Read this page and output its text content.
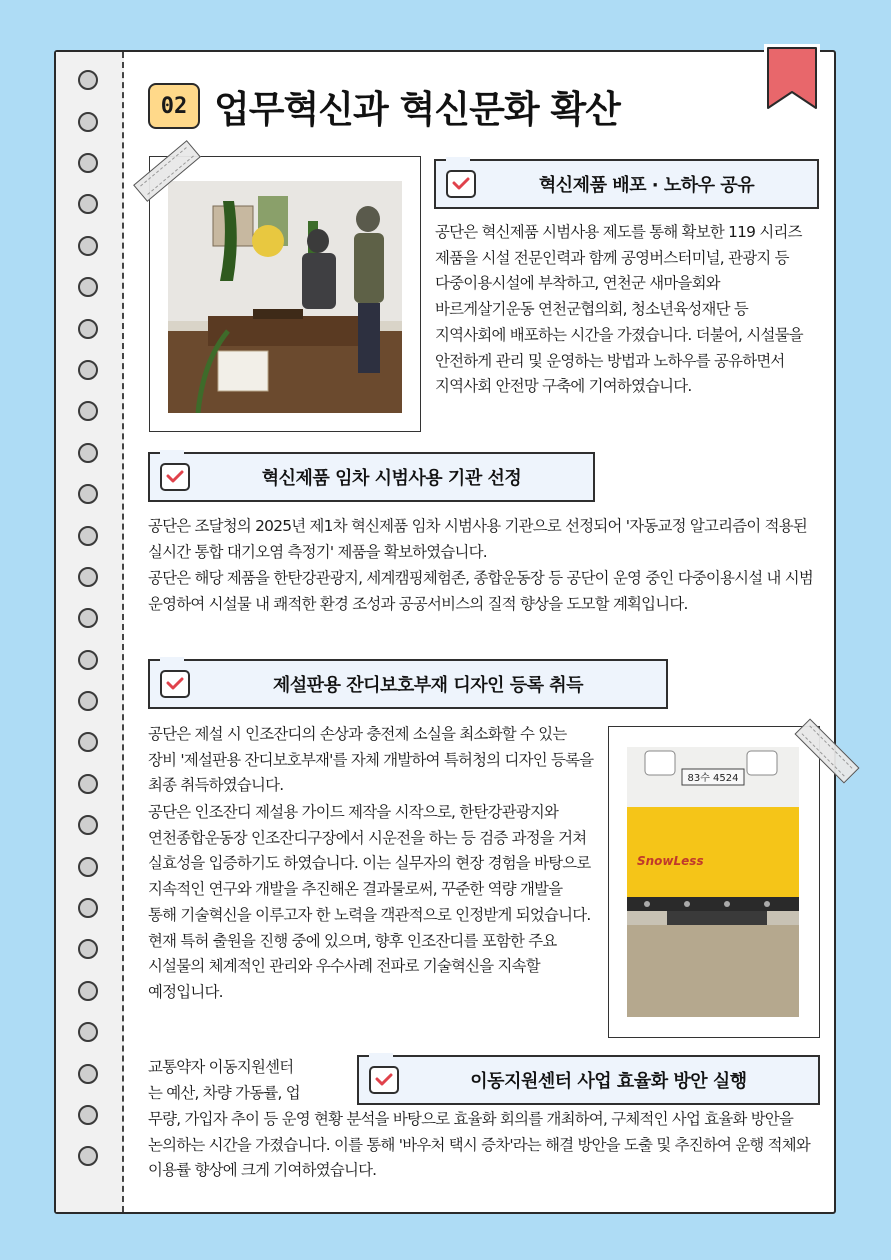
02 업무혁신과 혁신문화 확산
혁신제품 배포 · 노하우 공유

공단은 혁신제품 시범사용 제도를 통해 확보한 119 시리즈 제품을 시설 전문인력과 함께 공영버스터미널, 관광지 등 다중이용시설에 부착하고, 연천군 새마을회와 바르게살기운동 연천군협의회, 청소년육성재단 등 지역사회에 배포하는 시간을 가졌습니다. 더불어, 시설물을 안전하게 관리 및 운영하는 방법과 노하우를 공유하면서 지역사회 안전망 구축에 기여하였습니다.

혁신제품 임차 시범사용 기관 선정

공단은 조달청의 2025년 제1차 혁신제품 임차 시범사용 기관으로 선정되어 '자동교정 알고리즘이 적용된 실시간 통합 대기오염 측정기' 제품을 확보하였습니다.

공단은 해당 제품을 한탄강관광지, 세계캠핑체험존, 종합운동장 등 공단이 운영 중인 다중이용시설 내 시범 운영하여 시설물 내 쾌적한 환경 조성과 공공서비스의 질적 향상을 도모할 계획입니다.

제설판용 잔디보호부재 디자인 등록 취득

공단은 제설 시 인조잔디의 손상과 충전제 소실을 최소화할 수 있는 장비 '제설판용 잔디보호부재'를 자체 개발하여 특허청의 디자인 등록을 최종 취득하였습니다.

공단은 인조잔디 제설용 가이드 제작을 시작으로, 한탄강관광지와 연천종합운동장 인조잔디구장에서 시운전을 하는 등 검증 과정을 거쳐 실효성을 입증하기도 하였습니다. 이는 실무자의 현장 경험을 바탕으로 지속적인 연구와 개발을 추진해온 결과물로써, 꾸준한 역량 개발을 통해 기술혁신을 이루고자 한 노력을 객관적으로 인정받게 되었습니다. 현재 특허 출원을 진행 중에 있으며, 향후 인조잔디를 포함한 주요 시설물의 체계적인 관리와 우수사례 전파로 기술혁신을 지속할 예정입니다.

83수 4524
SnowLess

교통약자 이동지원센터
는 예산, 차량 가동률, 업

이동지원센터 사업 효율화 방안 실행

무량, 가입자 추이 등 운영 현황 분석을 바탕으로 효율화 회의를 개최하여, 구체적인 사업 효율화 방안을 논의하는 시간을 가졌습니다. 이를 통해 '바우처 택시 증차'라는 해결 방안을 도출 및 추진하여 운행 적체와 이용률 향상에 크게 기여하였습니다.
